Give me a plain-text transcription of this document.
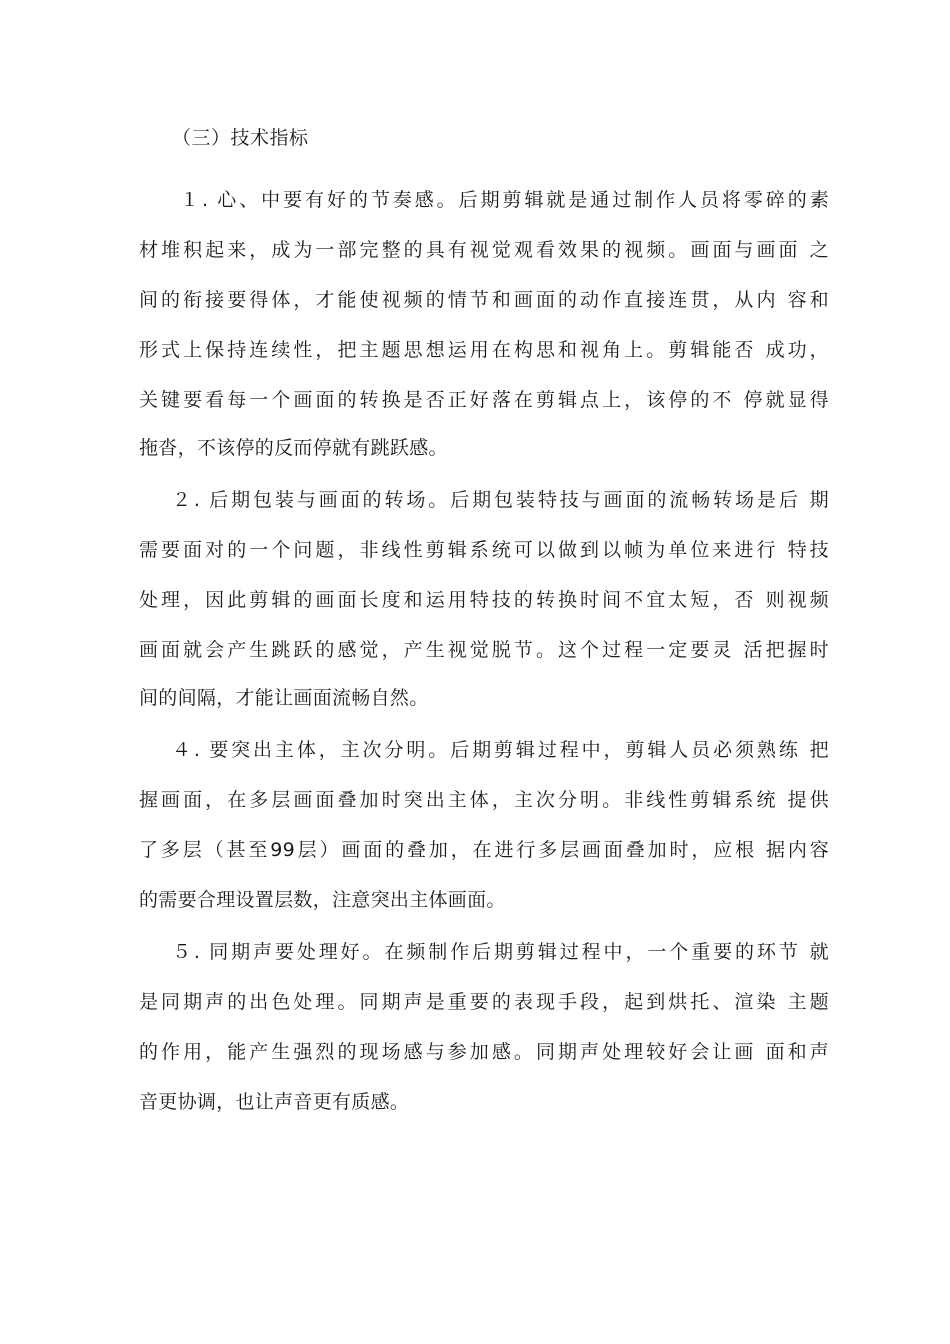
（三）技术指标
１. 心、中要有好的节奏感。后期剪辑就是通过制作人员将零碎的素
材堆积起来，成为一部完整的具有视觉观看效果的视频。画面与画面 之
间的衔接要得体，才能使视频的情节和画面的动作直接连贯，从内 容和
形式上保持连续性，把主题思想运用在构思和视角上。剪辑能否 成功，
关键要看每一个画面的转换是否正好落在剪辑点上，该停的不 停就显得
拖沓，不该停的反而停就有跳跃感。
２. 后期包装与画面的转场。后期包装特技与画面的流畅转场是后 期
需要面对的一个问题，非线性剪辑系统可以做到以帧为单位来进行 特技
处理，因此剪辑的画面长度和运用特技的转换时间不宜太短，否 则视频
画面就会产生跳跃的感觉，产生视觉脱节。这个过程一定要灵 活把握时
间的间隔，才能让画面流畅自然。
４. 要突出主体，主次分明。后期剪辑过程中，剪辑人员必须熟练 把
握画面，在多层画面叠加时突出主体，主次分明。非线性剪辑系统 提供
了多层（甚至99层）画面的叠加，在进行多层画面叠加时，应根 据内容
的需要合理设置层数，注意突出主体画面。
５. 同期声要处理好。在频制作后期剪辑过程中，一个重要的环节 就
是同期声的出色处理。同期声是重要的表现手段，起到烘托、渲染 主题
的作用，能产生强烈的现场感与参加感。同期声处理较好会让画 面和声
音更协调，也让声音更有质感。
